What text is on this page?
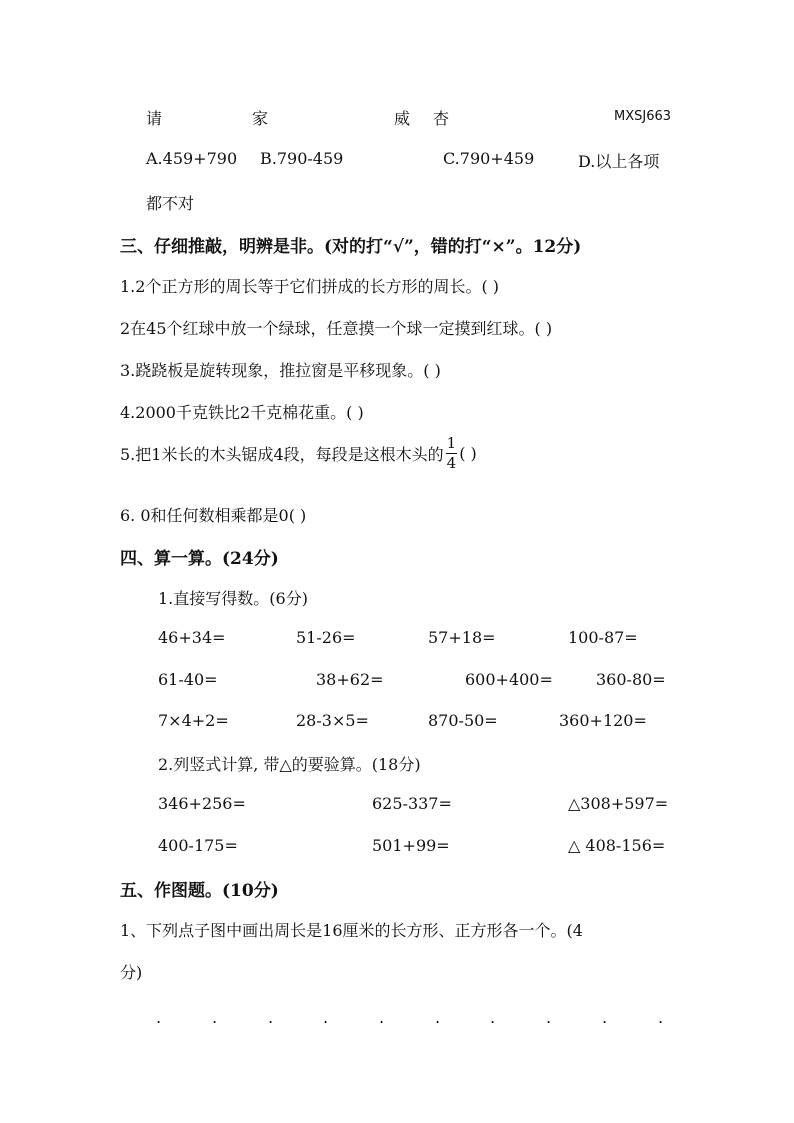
请	家	威 杏	MXSJ663
A.459+790 B.790-459	C.790+459	D.以上各项
都不对
三、仔细推敲，明辨是非。(对的打“√”，错的打“×”。12分)
1.2个正方形的周长等于它们拼成的长方形的周长。( )
2在45个红球中放一个绿球，任意摸一个球一定摸到红球。( )
3.跷跷板是旋转现象，推拉窗是平移现象。( )
4.2000千克铁比2千克棉花重。( )
5.把1米长的木头锯成4段，每段是这根木头的 $\frac{1}{4}$ ( )
6. 0和任何数相乘都是0( )
四、算一算。(24分)
1.直接写得数。(6分)
46+34=	51-26=	57+18=	100-87=
61-40=	38+62=	600+400=	360-80=
7×4+2=	28-3×5=	870-50=	360+120=
2.列竖式计算, 带△的要验算。(18分)
346+256=	625-337=	△308+597=
400-175=	501+99=	△ 408-156=
五、作图题。(10分)
1、下列点子图中画出周长是16厘米的长方形、正方形各一个。(4
分)
.	.	.	.	.	.	.	.	.	.
